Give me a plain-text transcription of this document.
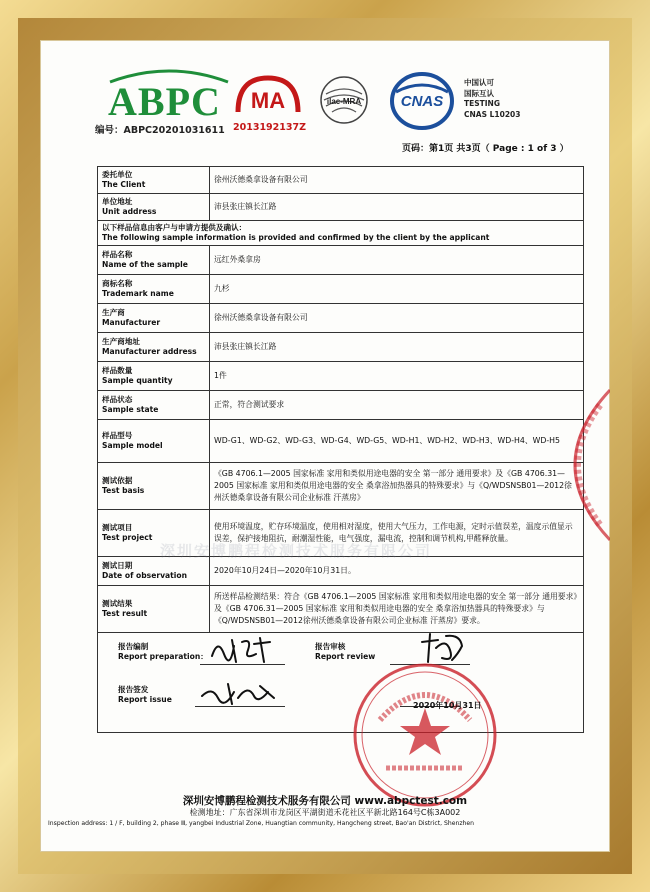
ABPC
编号：ABPC20201031611
MA
2013192137Z
ilac-MRA	CNAS
中国认可
国际互认
TESTING
CNAS L10203
页码：第1页 共3页（ Page : 1 of 3 ）
委托单位
The Client	徐州沃德桑拿设备有限公司

单位地址
Unit address	沛县张庄镇长江路

以下样品信息由客户与申请方提供及确认：
The following sample information is provided and confirmed by the client by the applicant	

样品名称
Name of the sample	远红外桑拿房

商标名称
Trademark name	九杉

生产商
Manufacturer	徐州沃德桑拿设备有限公司

生产商地址
Manufacturer address	沛县张庄镇长江路

样品数量
Sample quantity	1件

样品状态
Sample state	正常，符合测试要求

样品型号
Sample model	WD-G1、WD-G2、WD-G3、WD-G4、WD-G5、WD-H1、WD-H2、WD-H3、WD-H4、WD-H5

测试依据
Test basis	《GB 4706.1—2005 国家标准 家用和类似用途电器的安全 第一部分 通用要求》及《GB 4706.31—2005 国家标准 家用和类似用途电器的安全 桑拿浴加热器具的特殊要求》与《Q/WDSNSB01—2012徐州沃德桑拿设备有限公司企业标准 汗蒸房》

测试项目
Test project	使用环境温度，贮存环境温度，使用相对湿度，使用大气压力，工作电源，定时示值误差，温度示值显示误差，保护接地阻抗，耐潮湿性能，电气强度，漏电流，控制和调节机构,甲醛释放量。

测试日期
Date of observation	2020年10月24日—2020年10月31日。

测试结果
Test result	所送样品检测结果：符合《GB 4706.1—2005 国家标准 家用和类似用途电器的安全 第一部分 通用要求》及《GB 4706.31—2005 国家标准 家用和类似用途电器的安全 桑拿浴加热器具的特殊要求》与《Q/WDSNSB01—2012徐州沃德桑拿设备有限公司企业标准 汗蒸房》要求。

深圳安博鹏程检测技术服务有限公司
报告编制
Report preparation：
报告审核
Report review
报告签发
Report issue
2020年10月31日
深圳安博鹏程检测技术服务有限公司 www.abpctest.com
检测地址：广东省深圳市龙岗区平湖街道禾花社区平新北路164号C栋3A002
Inspection address: 1 / F, building 2, phase Ⅲ, yangbei Industrial Zone, Huangtian community, Hangcheng street, Bao'an District, Shenzhen
